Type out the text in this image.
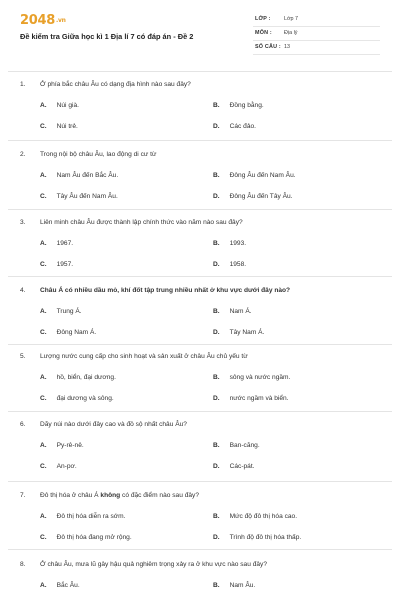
2048.vn
Đề kiểm tra Giữa học kì 1 Địa lí 7 có đáp án - Đề 2
LỚP : Lớp 7
MÔN : Địa lý
SỐ CÂU : 13
1. Ở phía bắc châu Âu có dạng địa hình nào sau đây?
A. Núi già.	B. Đồng bằng.
C. Núi trẻ.	D. Các đảo.
2. Trong nội bộ châu Âu, lao động di cư từ
A. Nam Âu đến Bắc Âu.	B. Đông Âu đến Nam Âu.
C. Tây Âu đến Nam Âu.	D. Đông Âu đến Tây Âu.
3. Liên minh châu Âu được thành lập chính thức vào năm nào sau đây?
A. 1967.	B. 1993.
C. 1957.	D. 1958.
4. Châu Á có nhiều dầu mỏ, khí đốt tập trung nhiều nhất ở khu vực dưới đây nào?
A. Trung Á.	B. Nam Á.
C. Đông Nam Á.	D. Tây Nam Á.
5. Lượng nước cung cấp cho sinh hoạt và sản xuất ở châu Âu chủ yếu từ
A. hồ, biển, đại dương.	B. sông và nước ngầm.
C. đại dương và sông.	D. nước ngầm và biển.
6. Dãy núi nào dưới đây cao và đồ sộ nhất châu Âu?
A. Py-rê-nê.	B. Ban-căng.
C. An-pơ.	D. Các-pát.
7. Đô thị hóa ở châu Á không có đặc điểm nào sau đây?
A. Đô thị hóa diễn ra sớm.	B. Mức độ đô thị hóa cao.
C. Đô thị hóa đang mở rộng.	D. Trình độ đô thị hóa thấp.
8. Ở châu Âu, mưa lũ gây hậu quả nghiêm trọng xảy ra ở khu vực nào sau đây?
A. Bắc Âu.	B. Nam Âu.
